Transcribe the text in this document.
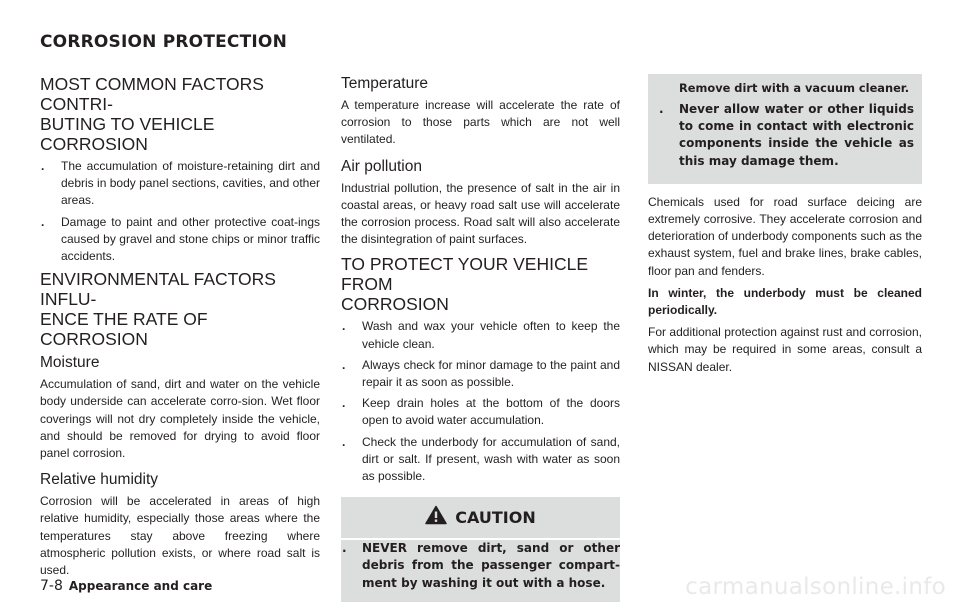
CORROSION PROTECTION
MOST COMMON FACTORS CONTRI-
BUTING TO VEHICLE CORROSION
. The accumulation of moisture-retaining dirt and debris in body panel sections, cavities, and other areas.
. Damage to paint and other protective coat-ings caused by gravel and stone chips or minor traffic accidents.
ENVIRONMENTAL FACTORS INFLU-
ENCE THE RATE OF CORROSION
Moisture

Accumulation of sand, dirt and water on the vehicle body underside can accelerate corro-sion. Wet floor coverings will not dry completely inside the vehicle, and should be removed for drying to avoid floor panel corrosion.

Relative humidity

Corrosion will be accelerated in areas of high relative humidity, especially those areas where the temperatures stay above freezing where atmospheric pollution exists, or where road salt is used.

Temperature

A temperature increase will accelerate the rate of corrosion to those parts which are not well ventilated.

Air pollution

Industrial pollution, the presence of salt in the air in coastal areas, or heavy road salt use will accelerate the corrosion process. Road salt will also accelerate the disintegration of paint surfaces.

TO PROTECT YOUR VEHICLE FROM
CORROSION
. Wash and wax your vehicle often to keep the vehicle clean.
. Always check for minor damage to the paint and repair it as soon as possible.
. Keep drain holes at the bottom of the doors open to avoid water accumulation.
. Check the underbody for accumulation of sand, dirt or salt. If present, wash with water as soon as possible.
CAUTION
. NEVER remove dirt, sand or other debris from the passenger compart-ment by washing it out with a hose.
Remove dirt with a vacuum cleaner.
. Never allow water or other liquids to come in contact with electronic components inside the vehicle as this may damage them.

Chemicals used for road surface deicing are extremely corrosive. They accelerate corrosion and deterioration of underbody components such as the exhaust system, fuel and brake lines, brake cables, floor pan and fenders.

In winter, the underbody must be cleaned periodically.

For additional protection against rust and corrosion, which may be required in some areas, consult a NISSAN dealer.

7-8 Appearance and care	carmanualsonline.info
